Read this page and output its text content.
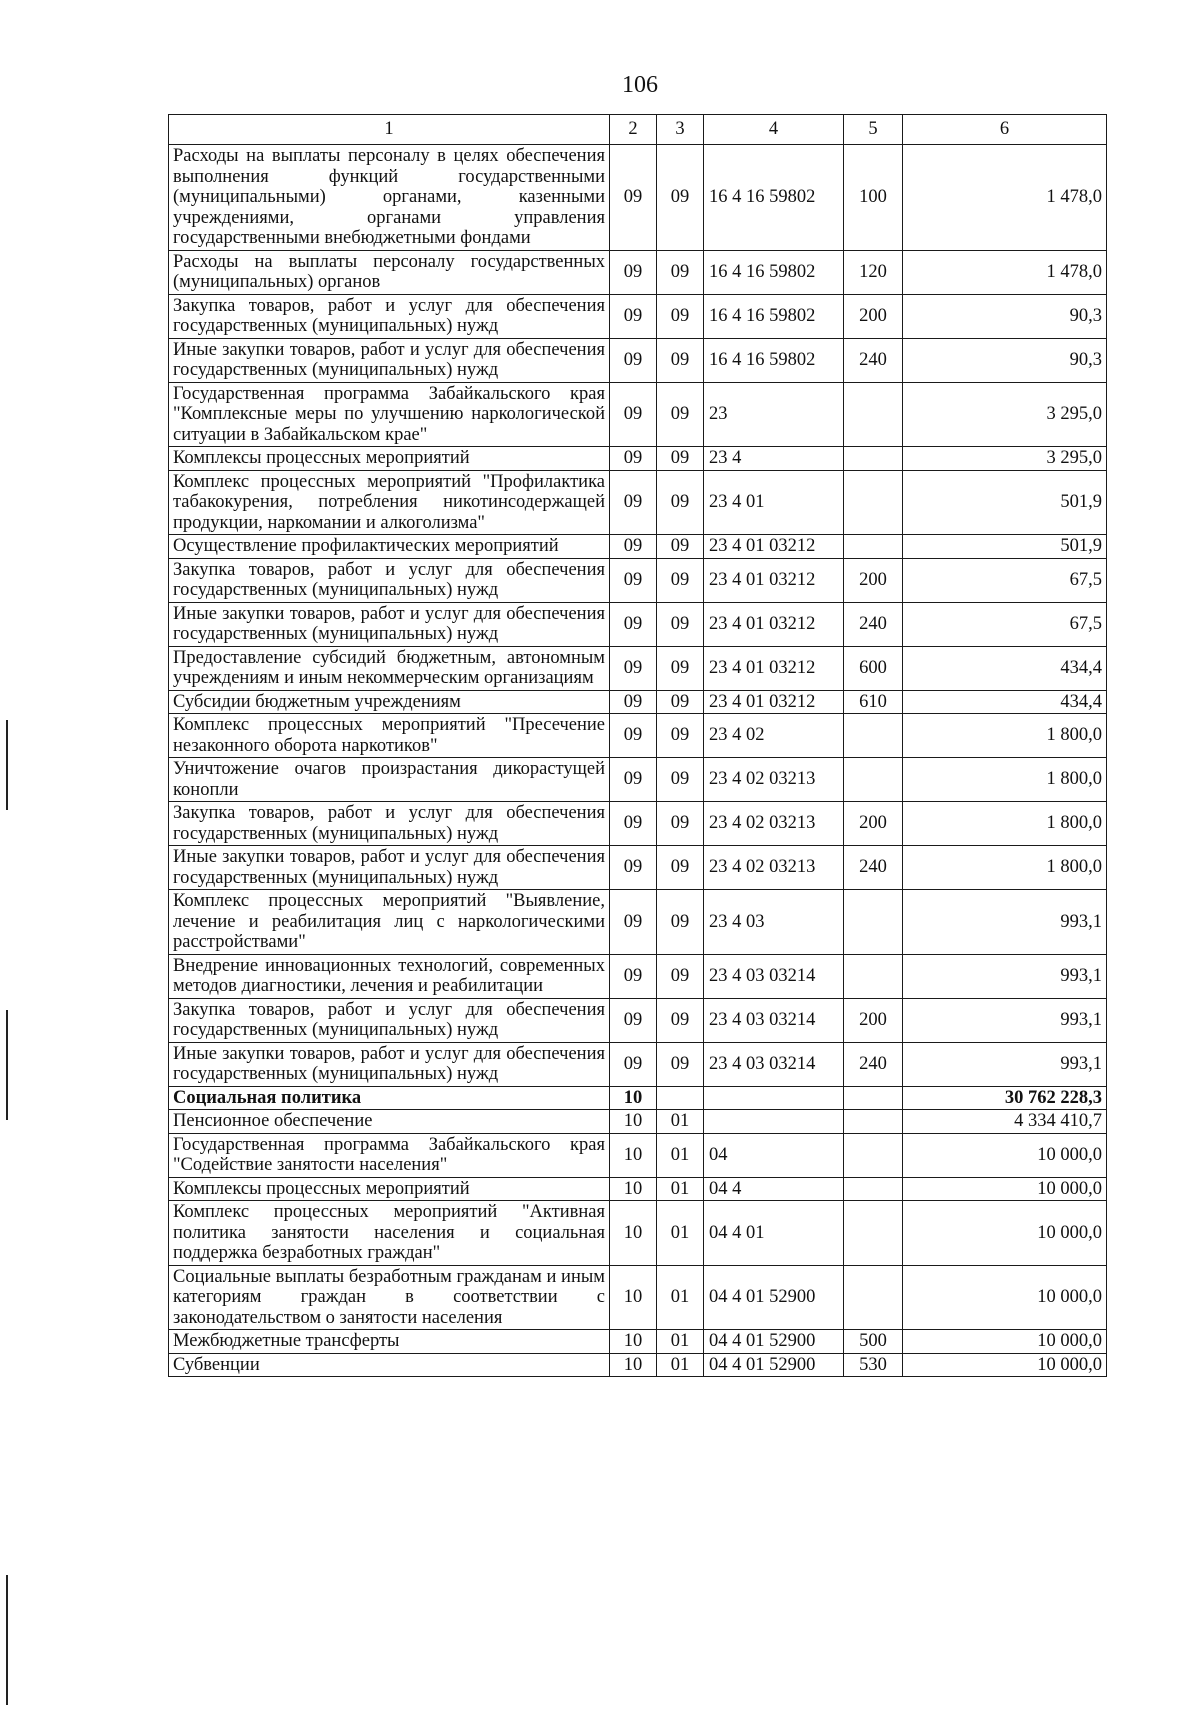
106
1	2	3	4	5	6
Расходы на выплаты персоналу в целях обеспечения выполнения функций государственными (муниципальными) органами, казенными учреждениями, органами управления государственными внебюджетными фондами	09	09	16 4 16 59802	100	1 478,0
Расходы на выплаты персоналу государственных (муниципальных) органов	09	09	16 4 16 59802	120	1 478,0
Закупка товаров, работ и услуг для обеспечения государственных (муниципальных) нужд	09	09	16 4 16 59802	200	90,3
Иные закупки товаров, работ и услуг для обеспечения государственных (муниципальных) нужд	09	09	16 4 16 59802	240	90,3
Государственная программа Забайкальского края "Комплексные меры по улучшению наркологической ситуации в Забайкальском крае"	09	09	23		3 295,0
Комплексы процессных мероприятий	09	09	23 4		3 295,0
Комплекс процессных мероприятий "Профилактика табакокурения, потребления никотинсодержащей продукции, наркомании и алкоголизма"	09	09	23 4 01		501,9
Осуществление профилактических мероприятий	09	09	23 4 01 03212		501,9
Закупка товаров, работ и услуг для обеспечения государственных (муниципальных) нужд	09	09	23 4 01 03212	200	67,5
Иные закупки товаров, работ и услуг для обеспечения государственных (муниципальных) нужд	09	09	23 4 01 03212	240	67,5
Предоставление субсидий бюджетным, автономным учреждениям и иным некоммерческим организациям	09	09	23 4 01 03212	600	434,4
Субсидии бюджетным учреждениям	09	09	23 4 01 03212	610	434,4
Комплекс процессных мероприятий "Пресечение незаконного оборота наркотиков"	09	09	23 4 02		1 800,0
Уничтожение очагов произрастания дикорастущей конопли	09	09	23 4 02 03213		1 800,0
Закупка товаров, работ и услуг для обеспечения государственных (муниципальных) нужд	09	09	23 4 02 03213	200	1 800,0
Иные закупки товаров, работ и услуг для обеспечения государственных (муниципальных) нужд	09	09	23 4 02 03213	240	1 800,0
Комплекс процессных мероприятий "Выявление, лечение и реабилитация лиц с наркологическими расстройствами"	09	09	23 4 03		993,1
Внедрение инновационных технологий, современных методов диагностики, лечения и реабилитации	09	09	23 4 03 03214		993,1
Закупка товаров, работ и услуг для обеспечения государственных (муниципальных) нужд	09	09	23 4 03 03214	200	993,1
Иные закупки товаров, работ и услуг для обеспечения государственных (муниципальных) нужд	09	09	23 4 03 03214	240	993,1
Социальная политика	10				30 762 228,3
Пенсионное обеспечение	10	01			4 334 410,7
Государственная программа Забайкальского края "Содействие занятости населения"	10	01	04		10 000,0
Комплексы процессных мероприятий	10	01	04 4		10 000,0
Комплекс процессных мероприятий "Активная политика занятости населения и социальная поддержка безработных граждан"	10	01	04 4 01		10 000,0
Социальные выплаты безработным гражданам и иным категориям граждан в соответствии с законодательством о занятости населения	10	01	04 4 01 52900		10 000,0
Межбюджетные трансферты	10	01	04 4 01 52900	500	10 000,0
Субвенции	10	01	04 4 01 52900	530	10 000,0
